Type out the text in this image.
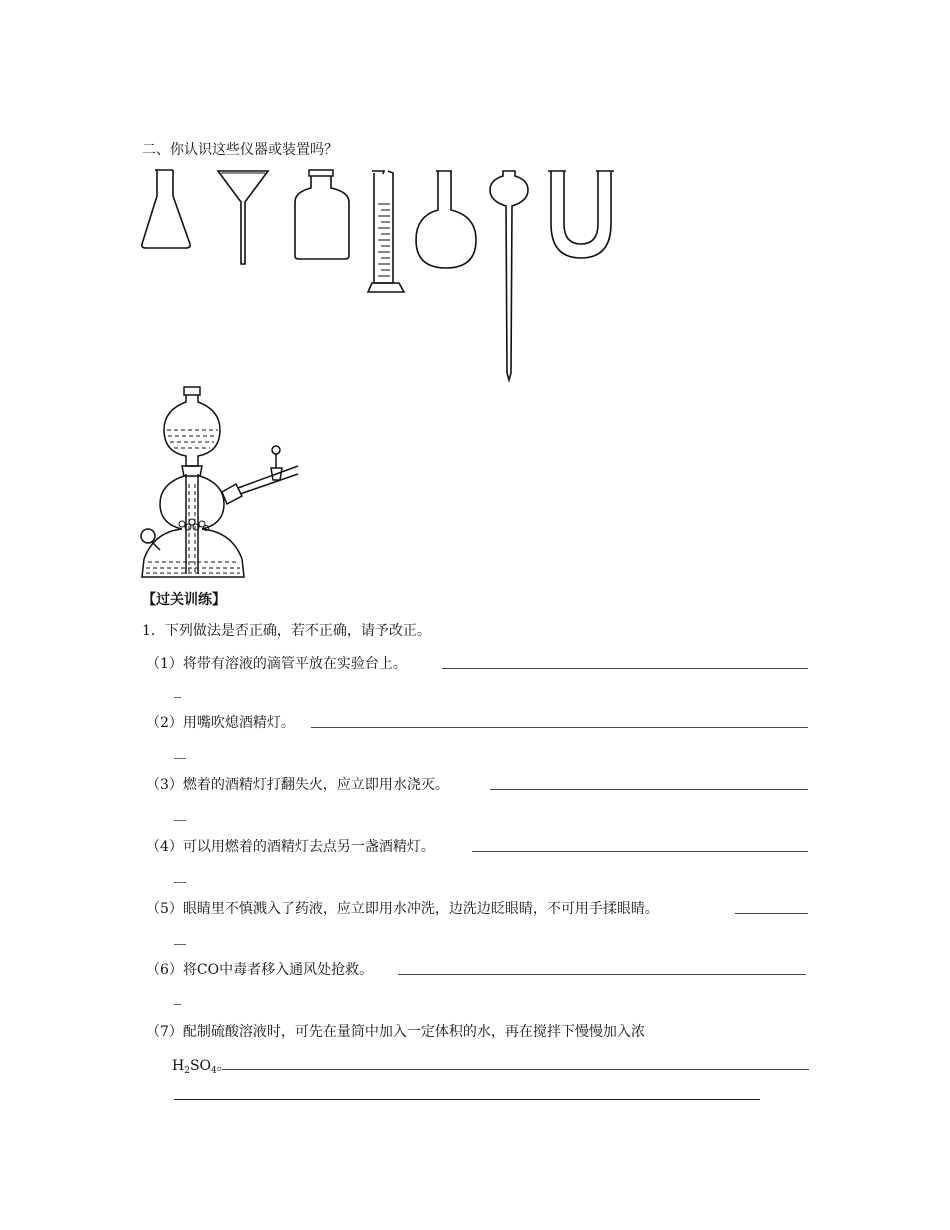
二、你认识这些仪器或装置吗？
【过关训练】
1．下列做法是否正确，若不正确，请予改正。
（1）将带有溶液的滴管平放在实验台上。
（2）用嘴吹熄酒精灯。
（3）燃着的酒精灯打翻失火，应立即用水浇灭。
（4）可以用燃着的酒精灯去点另一盏酒精灯。
（5）眼睛里不慎溅入了药液，应立即用水冲洗，边洗边眨眼睛，不可用手揉眼睛。
（6）将CO中毒者移入通风处抢救。
（7）配制硫酸溶液时，可先在量筒中加入一定体积的水，再在搅拌下慢慢加入浓
$H_2SO_4$。
